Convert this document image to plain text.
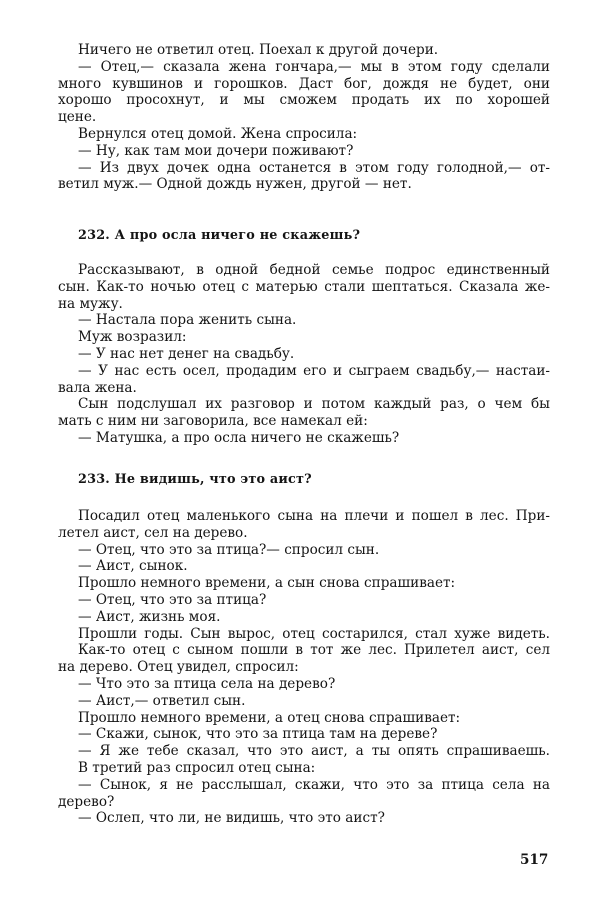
Ничего не ответил отец. Поехал к другой дочери.
— Отец,— сказала жена гончара,— мы в этом году сделали
много кувшинов и горошков. Даст бог, дождя не будет, они
хорошо просохнут, и мы сможем продать их по хорошей
цене.
Вернулся отец домой. Жена спросила:
— Ну, как там мои дочери поживают?
— Из двух дочек одна останется в этом году голодной,— от-
ветил муж.— Одной дождь нужен, другой — нет.
232. А про осла ничего не скажешь?
Рассказывают, в одной бедной семье подрос единственный
сын. Как-то ночью отец с матерью стали шептаться. Сказала же-
на мужу.
— Настала пора женить сына.
Муж возразил:
— У нас нет денег на свадьбу.
— У нас есть осел, продадим его и сыграем свадьбу,— настаи-
вала жена.
Сын подслушал их разговор и потом каждый раз, о чем бы
мать с ним ни заговорила, все намекал ей:
— Матушка, а про осла ничего не скажешь?
233. Не видишь, что это аист?
Посадил отец маленького сына на плечи и пошел в лес. При-
летел аист, сел на дерево.
— Отец, что это за птица?— спросил сын.
— Аист, сынок.
Прошло немного времени, а сын снова спрашивает:
— Отец, что это за птица?
— Аист, жизнь моя.
Прошли годы. Сын вырос, отец состарился, стал хуже видеть.
Как-то отец с сыном пошли в тот же лес. Прилетел аист, сел
на дерево. Отец увидел, спросил:
— Что это за птица села на дерево?
— Аист,— ответил сын.
Прошло немного времени, а отец снова спрашивает:
— Скажи, сынок, что это за птица там на дереве?
— Я же тебе сказал, что это аист, а ты опять спрашиваешь.
В третий раз спросил отец сына:
— Сынок, я не расслышал, скажи, что это за птица села на
дерево?
— Ослеп, что ли, не видишь, что это аист?
517
